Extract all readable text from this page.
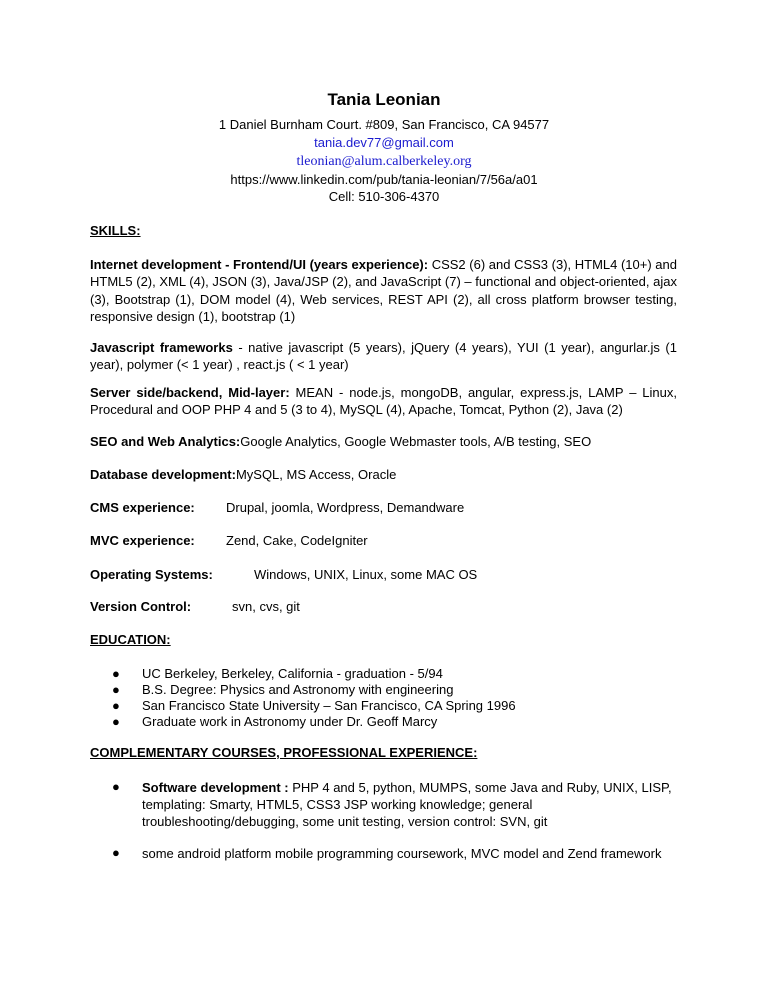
Tania Leonian
1 Daniel Burnham Court. #809, San Francisco, CA 94577
tania.dev77@gmail.com
tleonian@alum.calberkeley.org
https://www.linkedin.com/pub/tania-leonian/7/56a/a01
Cell: 510-306-4370
SKILLS:
Internet development - Frontend/UI (years experience): CSS2 (6) and CSS3 (3), HTML4 (10+) and HTML5 (2), XML (4), JSON (3), Java/JSP (2), and JavaScript (7) – functional and object-oriented, ajax (3), Bootstrap (1), DOM model (4), Web services, REST API (2), all cross platform browser testing, responsive design (1), bootstrap (1)
Javascript frameworks - native javascript (5 years), jQuery (4 years), YUI (1 year), angurlar.js (1 year), polymer (< 1 year) , react.js ( < 1 year)
Server side/backend, Mid-layer: MEAN - node.js, mongoDB, angular, express.js, LAMP – Linux, Procedural and OOP PHP 4 and 5 (3 to 4), MySQL (4), Apache, Tomcat, Python (2), Java (2)
SEO and Web Analytics:Google Analytics, Google Webmaster tools, A/B testing, SEO
Database development:MySQL, MS Access, Oracle
CMS experience: Drupal, joomla, Wordpress, Demandware
MVC experience: Zend, Cake, CodeIgniter
Operating Systems:	Windows, UNIX, Linux, some MAC OS
Version Control:	svn, cvs, git
EDUCATION:
● UC Berkeley, Berkeley, California - graduation - 5/94
● B.S. Degree: Physics and Astronomy with engineering
● San Francisco State University – San Francisco, CA Spring 1996
● Graduate work in Astronomy under Dr. Geoff Marcy
COMPLEMENTARY COURSES, PROFESSIONAL EXPERIENCE:
● Software development : PHP 4 and 5, python, MUMPS, some Java and Ruby, UNIX, LISP, templating: Smarty, HTML5, CSS3 JSP working knowledge; general troubleshooting/debugging, some unit testing, version control: SVN, git
● some android platform mobile programming coursework, MVC model and Zend framework
